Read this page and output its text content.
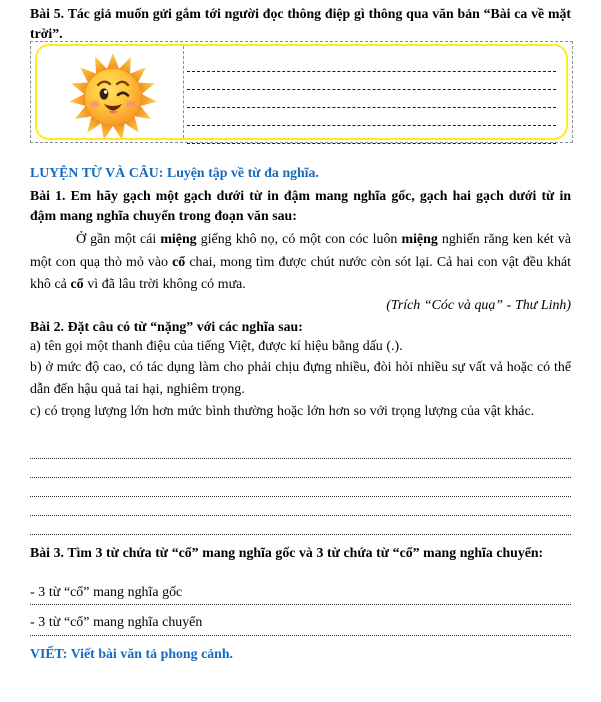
Bài 5. Tác giả muốn gửi gắm tới người đọc thông điệp gì thông qua văn bản “Bài ca về mặt trời”.
LUYỆN TỪ VÀ CÂU: Luyện tập về từ đa nghĩa.
Bài 1. Em hãy gạch một gạch dưới từ in đậm mang nghĩa gốc, gạch hai gạch dưới từ in đậm mang nghĩa chuyển trong đoạn văn sau:
Ở gần một cái miệng giếng khô nọ, có một con cóc luôn miệng nghiến răng ken két và một con quạ thò mỏ vào cổ chai, mong tìm được chút nước còn sót lại. Cả hai con vật đều khát khô cả cổ vì đã lâu trời không có mưa.
(Trích “Cóc và quạ” - Thư Linh)
Bài 2. Đặt câu có từ “nặng” với các nghĩa sau:
a) tên gọi một thanh điệu của tiếng Việt, được kí hiệu bằng dấu (.).
b) ở mức độ cao, có tác dụng làm cho phải chịu đựng nhiều, đòi hỏi nhiều sự vất vả hoặc có thể dẫn đến hậu quả tai hại, nghiêm trọng.
c) có trọng lượng lớn hơn mức bình thường hoặc lớn hơn so với trọng lượng của vật khác.
Bài 3. Tìm 3 từ chứa từ “cổ” mang nghĩa gốc và 3 từ chứa từ “cổ” mang nghĩa chuyển:
- 3 từ “cổ” mang nghĩa gốc
- 3 từ “cổ” mang nghĩa chuyển
VIẾT: Viết bài văn tả phong cảnh.
